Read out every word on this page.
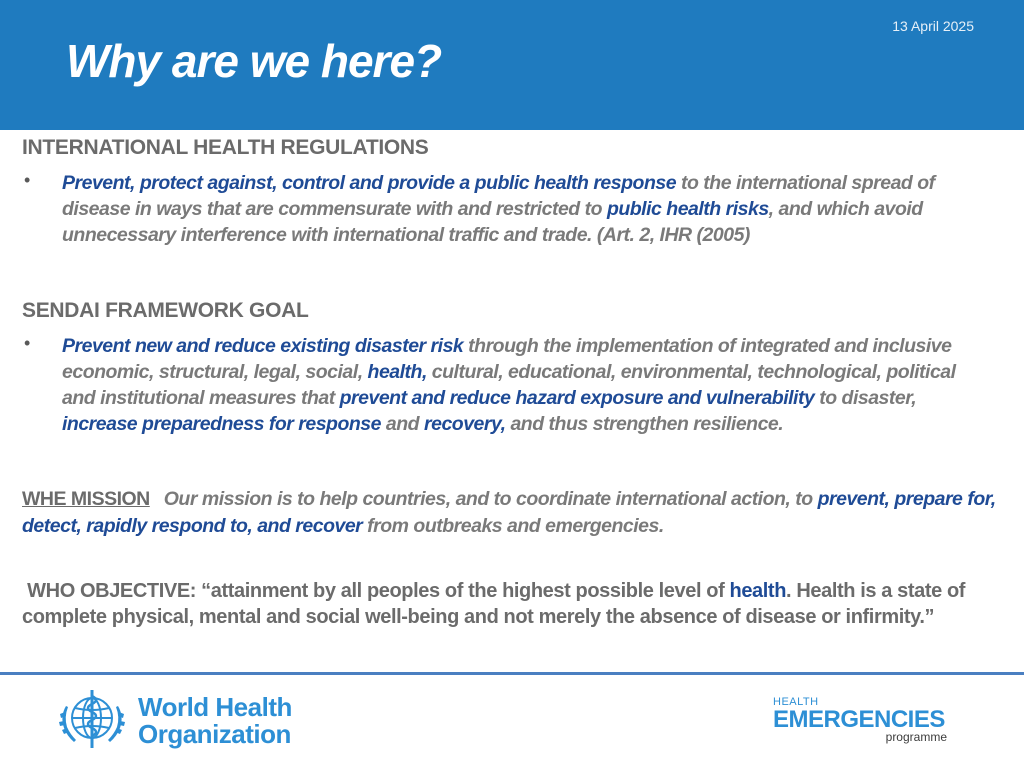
Why are we here?
13 April 2025
INTERNATIONAL HEALTH REGULATIONS
• Prevent, protect against, control and provide a public health response to the international spread of disease in ways that are commensurate with and restricted to public health risks, and which avoid unnecessary interference with international traffic and trade. (Art. 2, IHR (2005)
SENDAI FRAMEWORK GOAL
• Prevent new and reduce existing disaster risk through the implementation of integrated and inclusive economic, structural, legal, social, health, cultural, educational, environmental, technological, political and institutional measures that prevent and reduce hazard exposure and vulnerability to disaster, increase preparedness for response and recovery, and thus strengthen resilience.
WHE MISSION Our mission is to help countries, and to coordinate international action, to prevent, prepare for, detect, rapidly respond to, and recover from outbreaks and emergencies.
WHO OBJECTIVE: “attainment by all peoples of the highest possible level of health. Health is a state of complete physical, mental and social well-being and not merely the absence of disease or infirmity.”
World Health
Organization
HEALTH
EMERGENCIES
programme
